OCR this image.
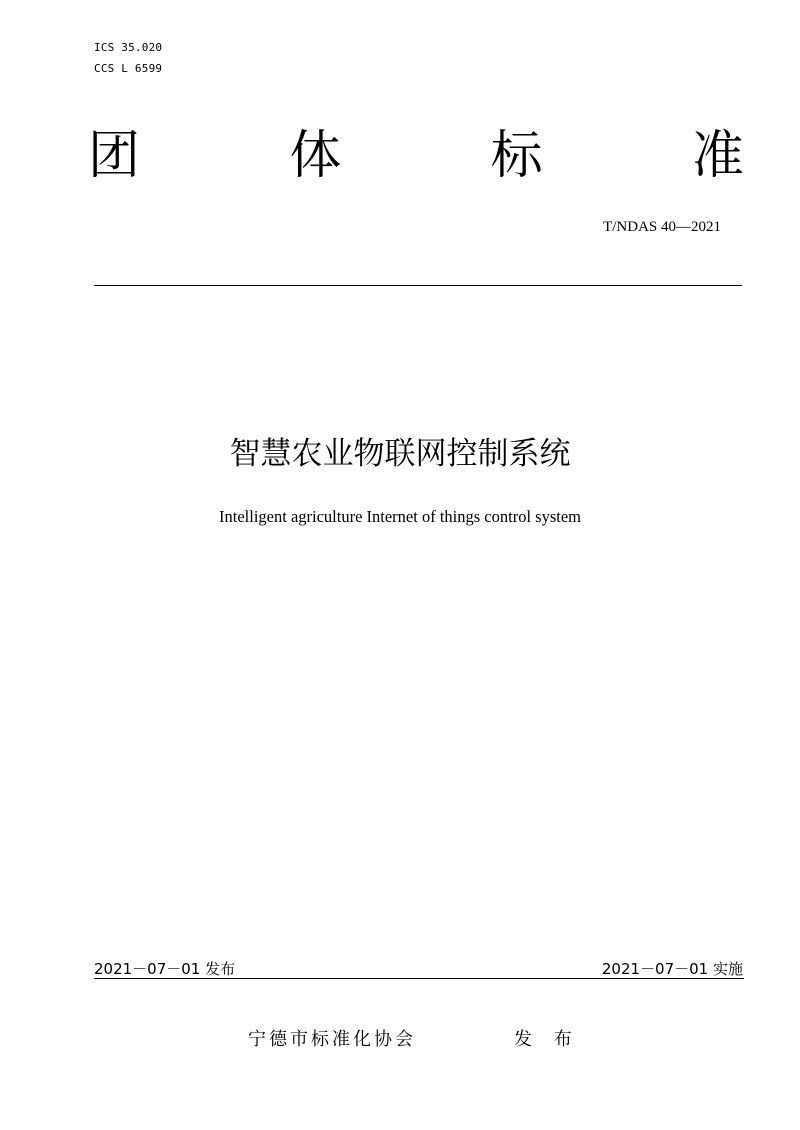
ICS 35.020
CCS L 6599
团	体	标	准
T/NDAS 40—2021
智慧农业物联网控制系统
Intelligent agriculture Internet of things control system
2021－07－01 发布	2021－07－01 实施
宁德市标准化协会	发 布
